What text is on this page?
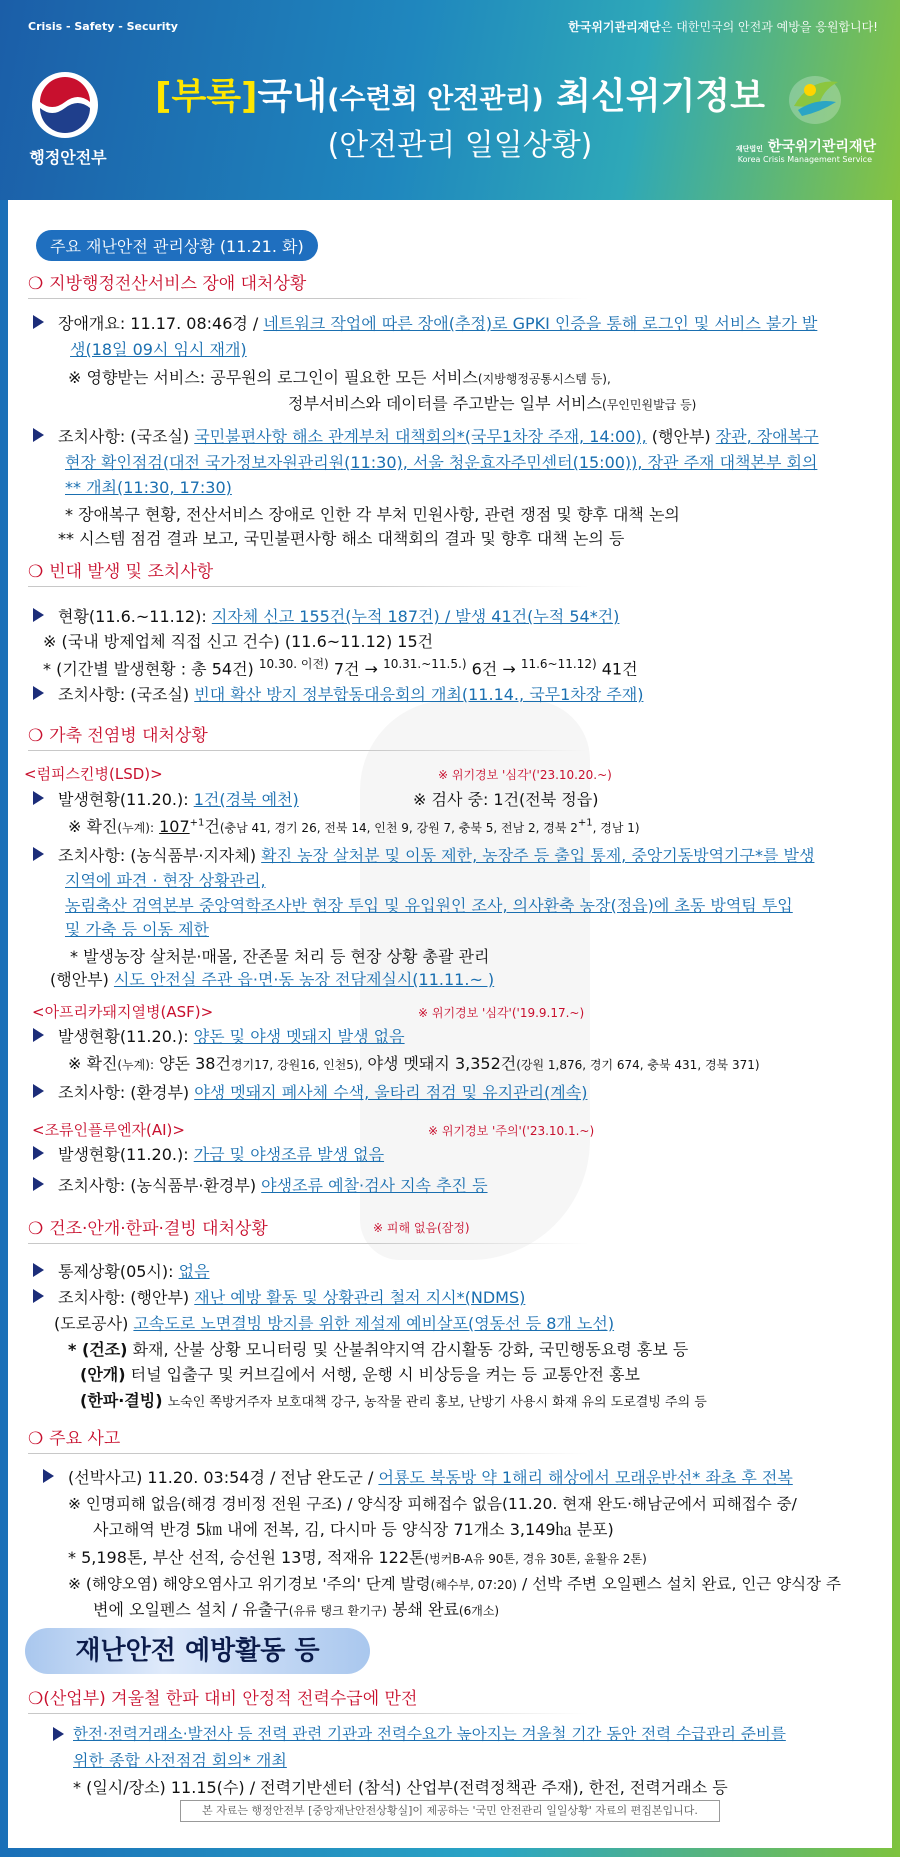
Crisis - Safety - Security	한국위기관리재단은 대한민국의 안전과 예방을 응원합니다!
행정안전부
[부록]국내(수련회 안전관리) 최신위기정보
(안전관리 일일상황)	재단법인 한국위기관리재단
Korea Crisis Management Service
주요 재난안전 관리상황 (11.21. 화)
❍ 지방행정전산서비스 장애 대처상황
장애개요: 11.17. 08:46경 / 네트워크 작업에 따른 장애(추정)로 GPKI 인증을 통해 로그인 및 서비스 불가 발
생(18일 09시 임시 재개)
※ 영향받는 서비스: 공무원의 로그인이 필요한 모든 서비스(지방행정공통시스템 등),
정부서비스와 데이터를 주고받는 일부 서비스(무인민원발급 등)
조치사항: (국조실) 국민불편사항 해소 관계부처 대책회의*(국무1차장 주재, 14:00), (행안부) 장관, 장애복구
현장 확인점검(대전 국가정보자원관리원(11:30), 서울 청운효자주민센터(15:00)), 장관 주재 대책본부 회의
** 개최(11:30, 17:30)
* 장애복구 현황, 전산서비스 장애로 인한 각 부처 민원사항, 관련 쟁점 및 향후 대책 논의
** 시스템 점검 결과 보고, 국민불편사항 해소 대책회의 결과 및 향후 대책 논의 등
❍ 빈대 발생 및 조치사항
현황(11.6.~11.12): 지자체 신고 155건(누적 187건) / 발생 41건(누적 54*건)
※ (국내 방제업체 직접 신고 건수) (11.6~11.12) 15건
* (기간별 발생현황 : 총 54건) $^{10.30. 이전)}$ 7건 → $^{10.31.\sim 11.5.)}$ 6건 → $^{11.6\sim 11.12)}$ 41건
조치사항: (국조실) 빈대 확산 방지 정부합동대응회의 개최(11.14., 국무1차장 주재)
❍ 가축 전염병 대처상황
<럼피스킨병(LSD)>	※ 위기경보 '심각'('23.10.20.~)
발생현황(11.20.): 1건(경북 예천)	※ 검사 중: 1건(전북 정읍)
※ 확진(누계): $107^{+1}$건(충남 41, 경기 26, 전북 14, 인천 9, 강원 7, 충북 5, 전남 2, 경북 $2^{+1}$, 경남 1)
조치사항: (농식품부·지자체) 확진 농장 살처분 및 이동 제한, 농장주 등 출입 통제, 중앙기동방역기구*를 발생
지역에 파견 · 현장 상황관리,
농림축산 검역본부 중앙역학조사반 현장 투입 및 유입원인 조사, 의사환축 농장(정읍)에 초동 방역팀 투입
및 가축 등 이동 제한
* 발생농장 살처분·매몰, 잔존물 처리 등 현장 상황 총괄 관리
(행안부) 시도 안전실 주관 읍·면·동 농장 전담제실시(11.11.~ )
<아프리카돼지열병(ASF)>	※ 위기경보 '심각'('19.9.17.~)
발생현황(11.20.): 양돈 및 야생 멧돼지 발생 없음
※ 확진(누계): 양돈 38건경기17, 강원16, 인천5), 야생 멧돼지 3,352건(강원 1,876, 경기 674, 충북 431, 경북 371)
조치사항: (환경부) 야생 멧돼지 폐사체 수색, 울타리 점검 및 유지관리(계속)
<조류인플루엔자(AI)>	※ 위기경보 '주의'('23.10.1.~)
발생현황(11.20.): 가금 및 야생조류 발생 없음
조치사항: (농식품부·환경부) 야생조류 예찰·검사 지속 추진 등
❍ 건조·안개·한파·결빙 대처상황	※ 피해 없음(잠정)
통제상황(05시): 없음
조치사항: (행안부) 재난 예방 활동 및 상황관리 철저 지시*(NDMS)
(도로공사) 고속도로 노면결빙 방지를 위한 제설제 예비살포(영동선 등 8개 노선)
* (건조) 화재, 산불 상황 모니터링 및 산불취약지역 감시활동 강화, 국민행동요령 홍보 등
(안개) 터널 입출구 및 커브길에서 서행, 운행 시 비상등을 켜는 등 교통안전 홍보
(한파·결빙) 노숙인 쪽방거주자 보호대책 강구, 농작물 관리 홍보, 난방기 사용시 화재 유의 도로결빙 주의 등
❍ 주요 사고
(선박사고) 11.20. 03:54경 / 전남 완도군 / 어룡도 북동방 약 1해리 해상에서 모래운반선* 좌초 후 전복
※ 인명피해 없음(해경 경비정 전원 구조) / 양식장 피해접수 없음(11.20. 현재 완도·해남군에서 피해접수 중/
사고해역 반경 5㎞ 내에 전복, 김, 다시마 등 양식장 71개소 3,149㏊ 분포)
* 5,198톤, 부산 선적, 승선원 13명, 적재유 122톤(벙커B-A유 90톤, 경유 30톤, 윤활유 2톤)
※ (해양오염) 해양오염사고 위기경보 '주의' 단계 발령(해수부, 07:20) / 선박 주변 오일펜스 설치 완료, 인근 양식장 주
변에 오일펜스 설치 / 유출구(유류 탱크 환기구) 봉쇄 완료(6개소)
재난안전 예방활동 등
❍(산업부) 겨울철 한파 대비 안정적 전력수급에 만전
한전·전력거래소·발전사 등 전력 관련 기관과 전력수요가 높아지는 겨울철 기간 동안 전력 수급관리 준비를
위한 종합 사전점검 회의* 개최
* (일시/장소) 11.15(수) / 전력기반센터 (참석) 산업부(전력정책관 주재), 한전, 전력거래소 등
본 자료는 행정안전부 [중앙재난안전상황실]이 제공하는 '국민 안전관리 일일상황' 자료의 편집본입니다.
